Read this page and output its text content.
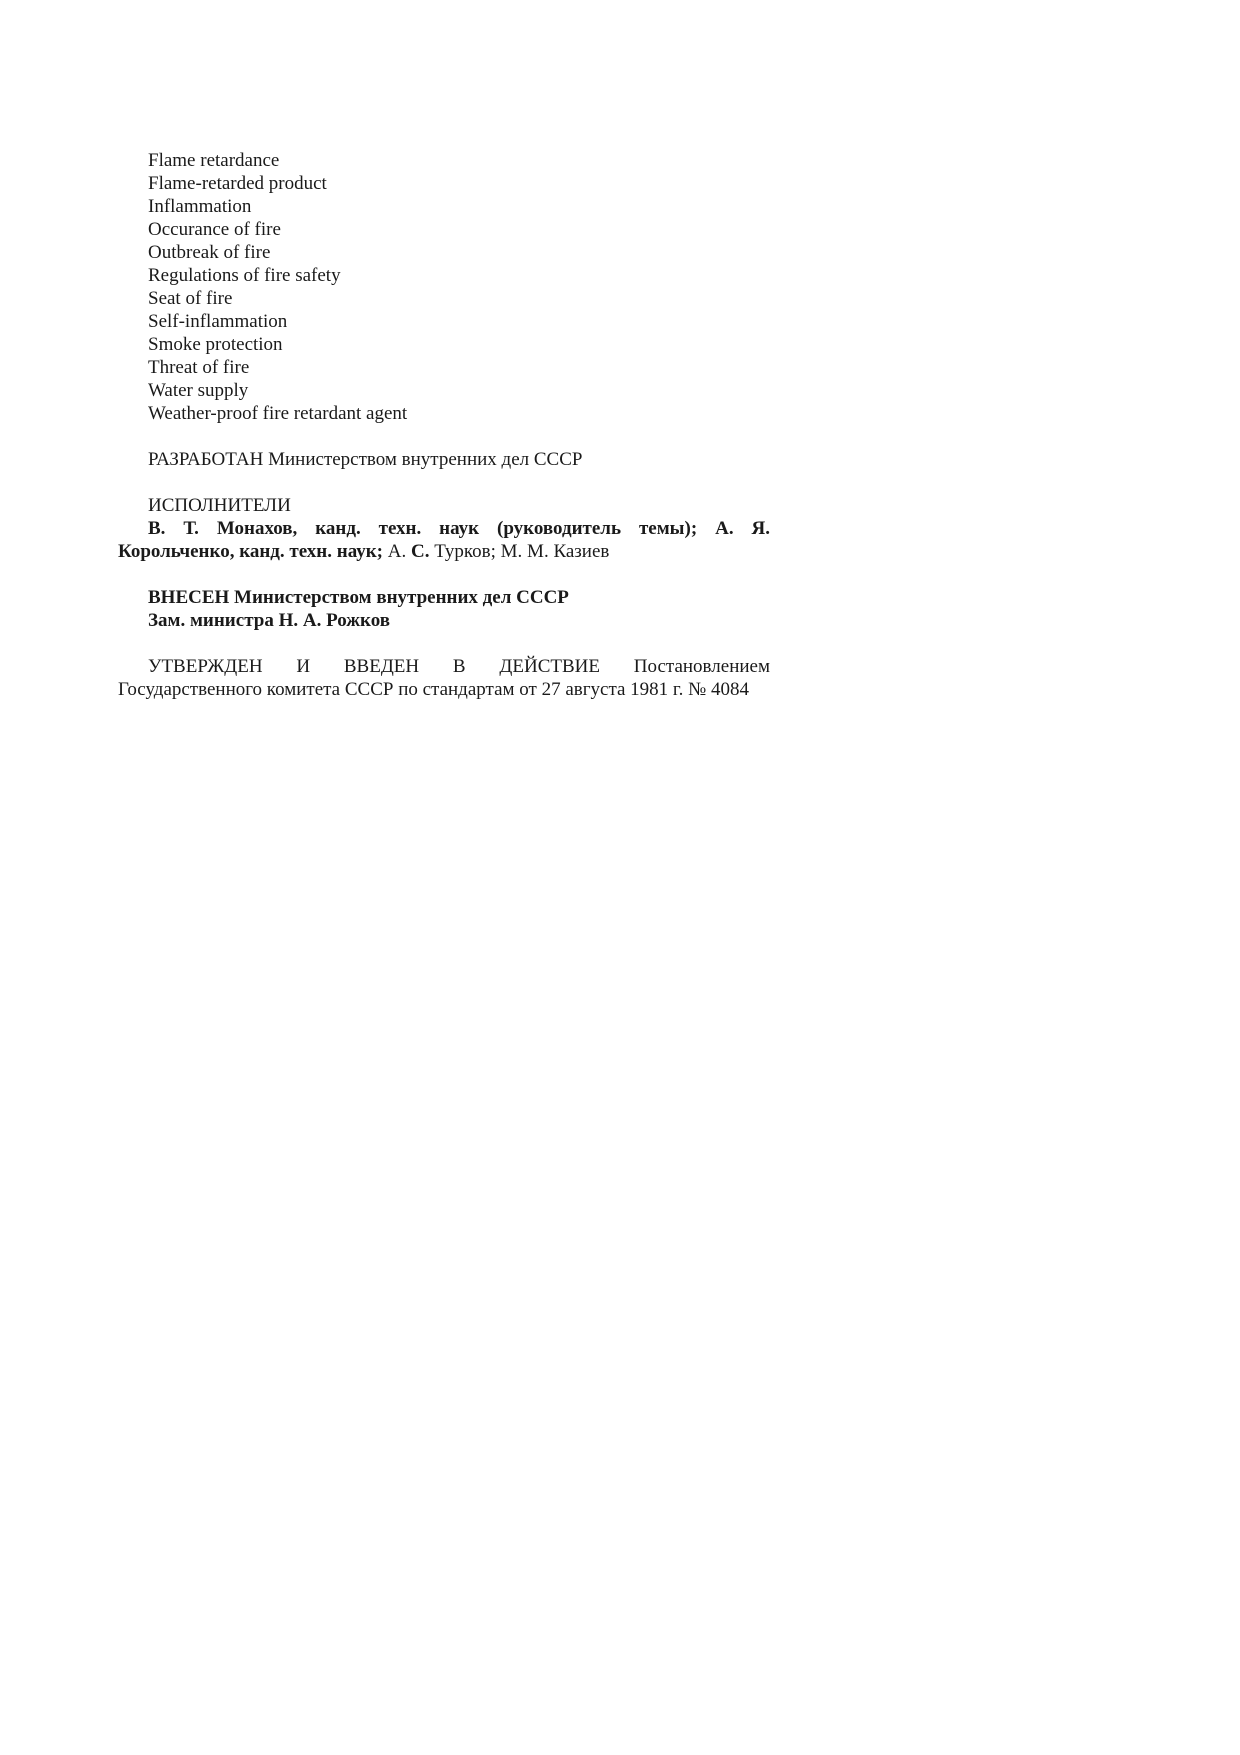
Flame retardance
Flame-retarded product
Inflammation
Occurance of fire
Outbreak of fire
Regulations of fire safety
Seat of fire
Self-inflammation
Smoke protection
Threat of fire
Water supply
Weather-proof fire retardant agent

РАЗРАБОТАН Министерством внутренних дел СССР

ИСПОЛНИТЕЛИ

В. Т. Монахов, канд. техн. наук (руководитель темы); А. Я. Корольченко, канд. техн. наук; А. С. Турков; М. М. Казиев

ВНЕСЕН Министерством внутренних дел СССР

Зам. министра Н. А. Рожков

УТВЕРЖДЕН И ВВЕДЕН В ДЕЙСТВИЕ Постановлением Государственного комитета СССР по стандартам от 27 августа 1981 г. № 4084
